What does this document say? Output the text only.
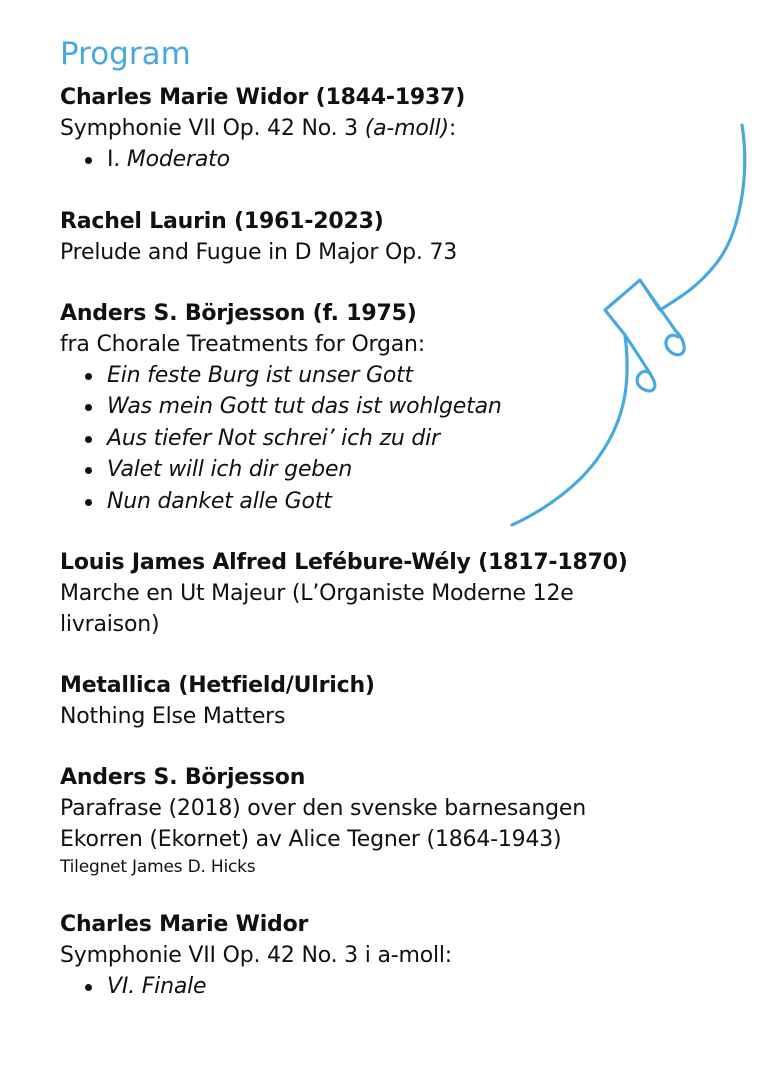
Program
Charles Marie Widor (1844-1937)
Symphonie VII Op. 42 No. 3 (a-moll):
I. Moderato
Rachel Laurin (1961-2023)
Prelude and Fugue in D Major Op. 73
Anders S. Börjesson (f. 1975)
fra Chorale Treatments for Organ:
Ein feste Burg ist unser Gott
Was mein Gott tut das ist wohlgetan
Aus tiefer Not schrei’ ich zu dir
Valet will ich dir geben
Nun danket alle Gott
Louis James Alfred Lefébure-Wély (1817-1870)
Marche en Ut Majeur (L’Organiste Moderne 12e
livraison)
Metallica (Hetfield/Ulrich)
Nothing Else Matters
Anders S. Börjesson
Parafrase (2018) over den svenske barnesangen
Ekorren (Ekornet) av Alice Tegner (1864-1943)
Tilegnet James D. Hicks
Charles Marie Widor
Symphonie VII Op. 42 No. 3 i a-moll:
VI. Finale
